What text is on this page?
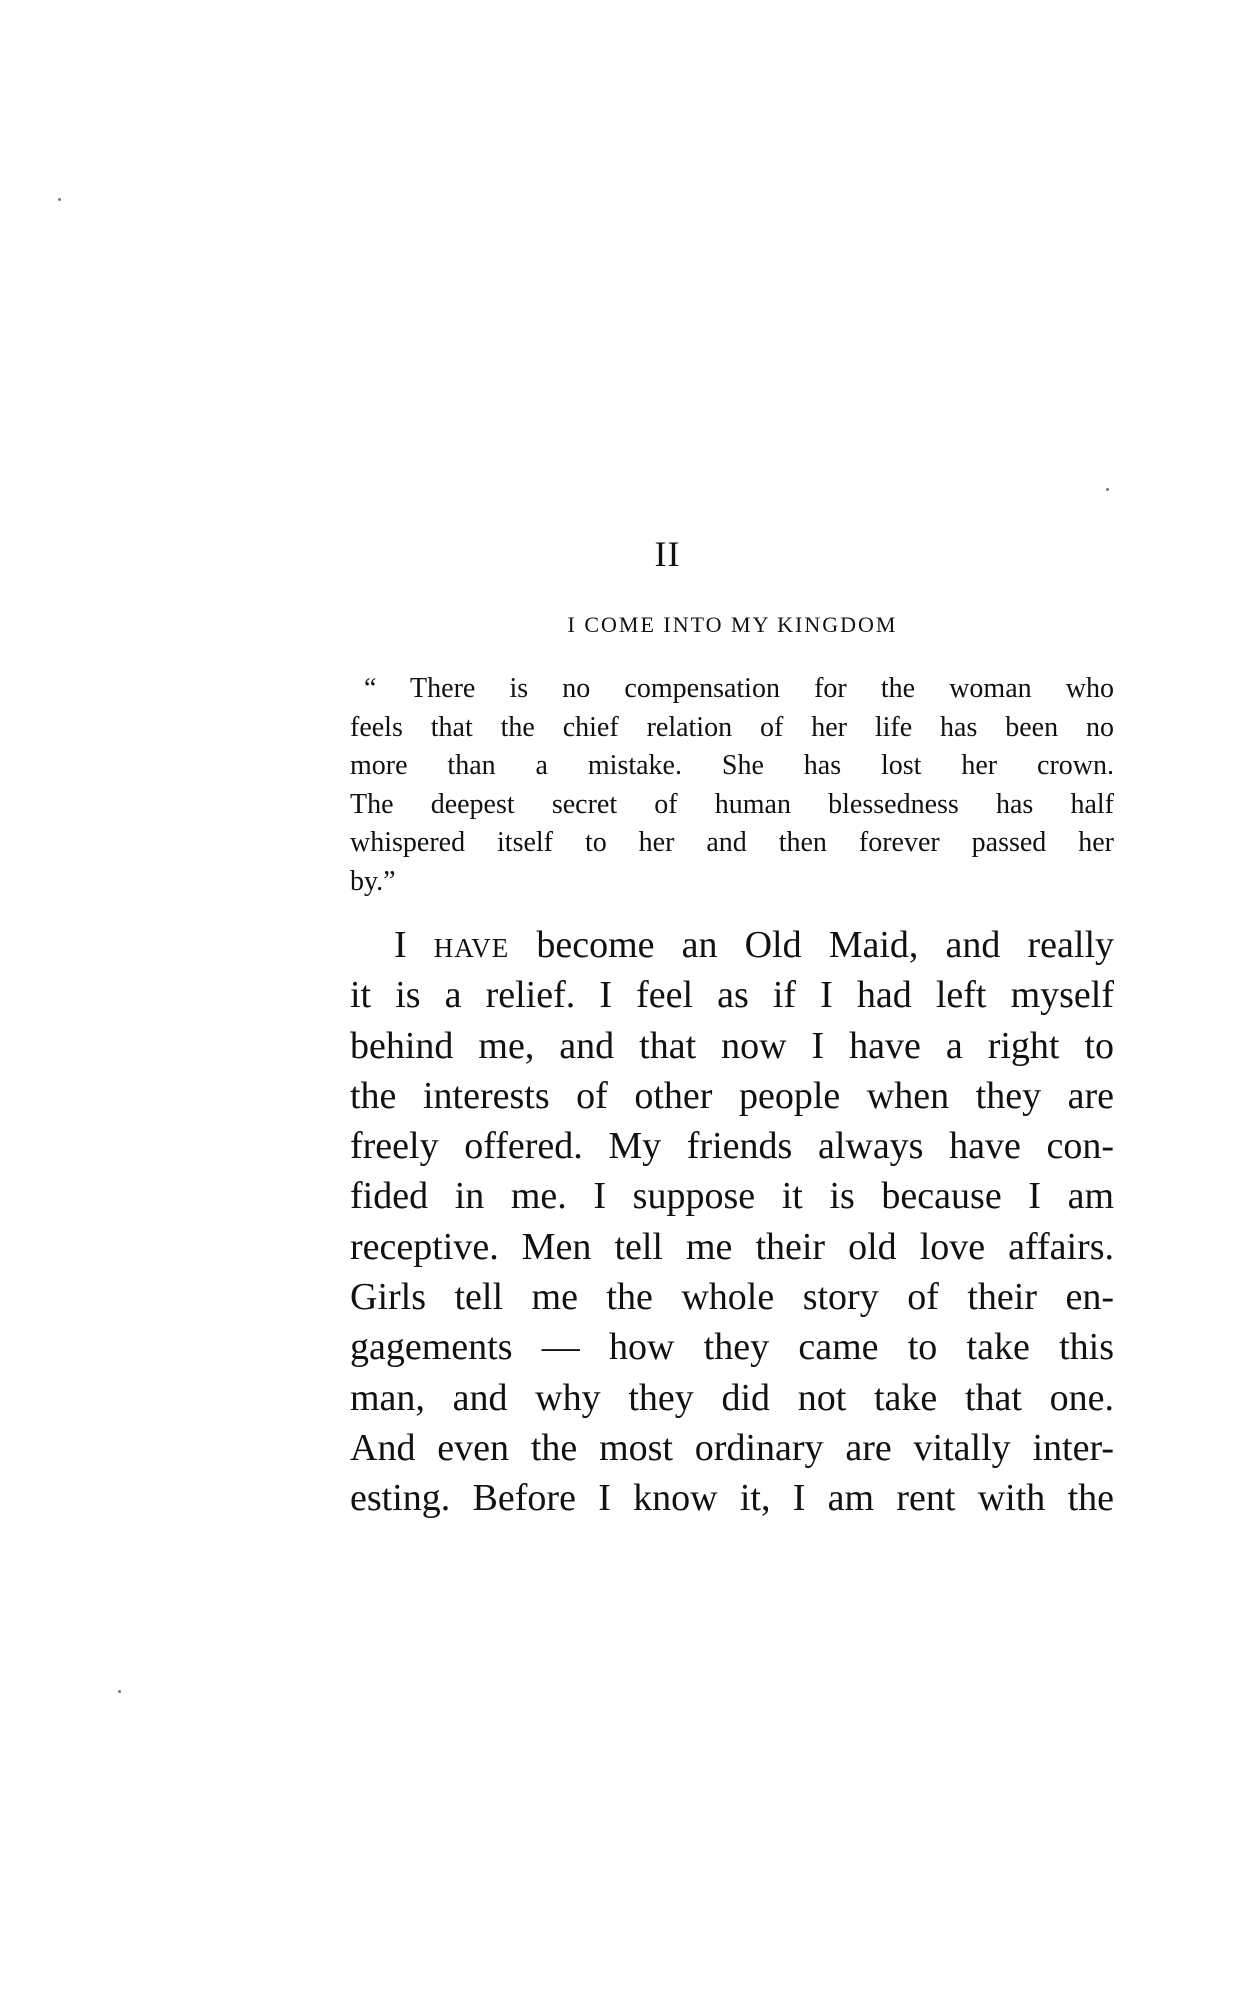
II
I COME INTO MY KINGDOM
“ There is no compensation for the woman who
feels that the chief relation of her life has been no
more than a mistake. She has lost her crown.
The deepest secret of human blessedness has half
whispered itself to her and then forever passed her
by.”
I have become an Old Maid, and really
it is a relief. I feel as if I had left myself
behind me, and that now I have a right to
the interests of other people when they are
freely offered. My friends always have con-
fided in me. I suppose it is because I am
receptive. Men tell me their old love affairs.
Girls tell me the whole story of their en-
gagements — how they came to take this
man, and why they did not take that one.
And even the most ordinary are vitally inter-
esting. Before I know it, I am rent with the
